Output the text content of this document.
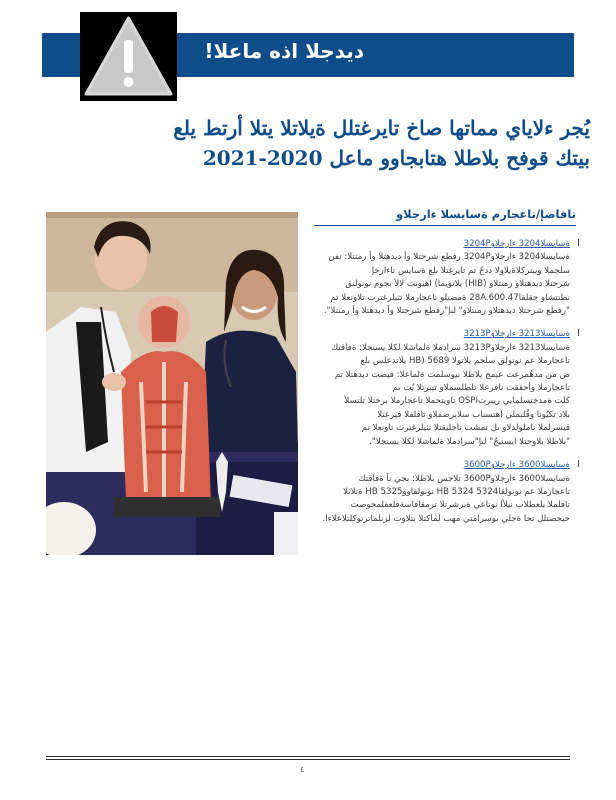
ديدجلا اذه ماعلا!
يُجر ءلاياي مماتها صاخ تايرغتلل ةيلاتلا يتلا أرتط يلع
بيتك قوفح بلاطلا هتابجاوو ماعل 2020-2021
تافاضإ/تاعجارم ةسايسلا ءارجلاو
I
ةسايسلا3204 ءارجلاو3204P
ةسايسلا3204 ءارجلاو3204P رفطع شرحتلا وأ ديدهتلا وأ رمنتلا: نفن
سلجملا ويبنركلاةيلاولا ددحُ تم تايرغتلا ىلع ةسايس تاءارجإ
شرحتلا ديدهتلاو رمنتلاو (HIB) يلاتويما) اهيونت لالأ بجوم نونولنق
نطنتشاو حقلقا28A.600.47 ةمضنلو تاعجارملا تثيلرغترت تلاونعلا تم
"رفطع شرحتلا ديدهتلاو رمنتلاو" لىإ"رفطع شرحتلا وأ ديدهتلا وأ رمنتلا".
I
ةسايسلا3213 ءارجلاو3213P
ةسايسلا3213 ءارجلاو3213P سرادملا ةلماشلا لكلا يسنجلا: ةفاقتك
تاعجارملا عم نونولق سلجم يلاتولا 5689 (HB يلاتدعلس ىلع
ض من مدهُمرعت عيمج يلاطلا بيوسلمت ةلماعلا: فيضت ديدهتلا تم
تاعجارملا وأحققت نافرعلا تلطلسملاو تيبرتلا يُت ىم
كلت ةمدختسلمايي ريبرتOSPI تاويتحملا تاعجارملا برختلا تلتسلأ
بلاد تكيُونا وقُلبملي اهتسناب سلابرضملاو تاقلفلا فيرعتلا
قيسرلملا تاملولدلاو ىل تمشت تاجليقتلا تثيلرغترت تاونعلا تم
"بلاطلا بلاوحتلا ايسنيجُ" لىإ"سرادملا ةلماشلا لكلا يسنجلا".
I
ةسايسلا3600 ءارجلاو3600P
ةسايسلا3600 ءارجلاو3600P تلاجس بلاطلا: بجي نأ ةفاقتك
تاعجارملا عم نونولقا5324 HB 5324 نونولقاوو5325 HB ةثلاثلا
تافلملا يلعطلاب نيلأا نوناعي ةبرشرتلا ترمقافاسةفلعفلمحوصت
حيحصتلل تحا ةجلي بوسرامتي مهب لماكتلا ىتلاوت لزنلماترتوكلتلاعلاءا.
٤
